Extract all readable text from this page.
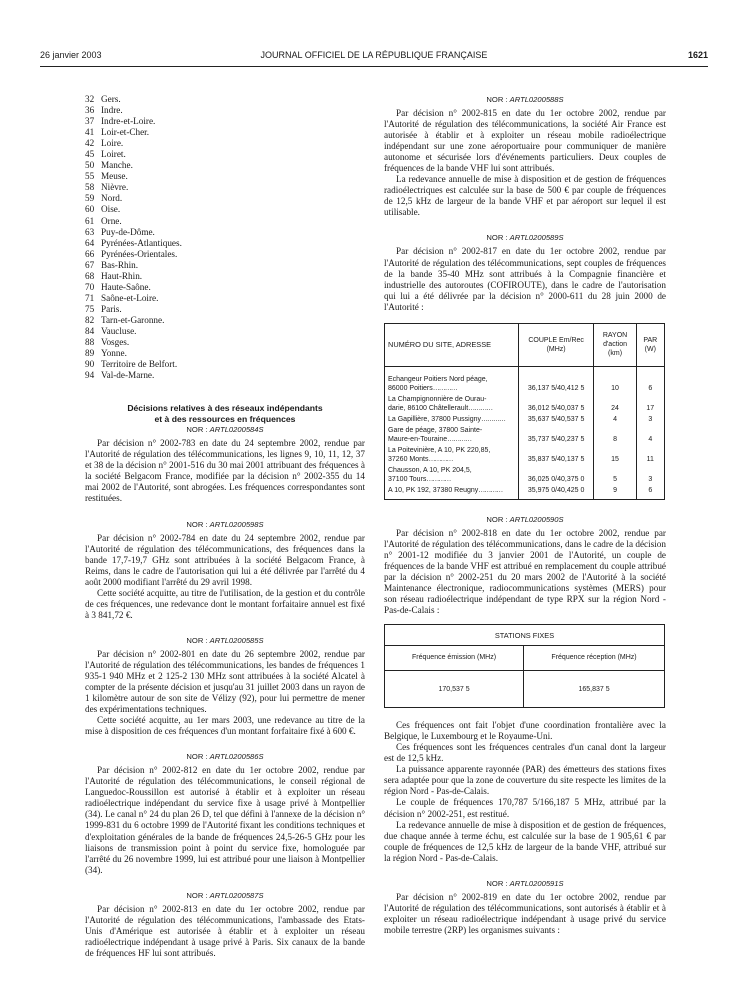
26 janvier 2003	JOURNAL OFFICIEL DE LA RÉPUBLIQUE FRANÇAISE	1621
32 Gers.
36 Indre.
37 Indre-et-Loire.
41 Loir-et-Cher.
42 Loire.
45 Loiret.
50 Manche.
55 Meuse.
58 Nièvre.
59 Nord.
60 Oise.
61 Orne.
63 Puy-de-Dôme.
64 Pyrénées-Atlantiques.
66 Pyrénées-Orientales.
67 Bas-Rhin.
68 Haut-Rhin.
70 Haute-Saône.
71 Saône-et-Loire.
75 Paris.
82 Tarn-et-Garonne.
84 Vaucluse.
88 Vosges.
89 Yonne.
90 Territoire de Belfort.
94 Val-de-Marne.
Décisions relatives à des réseaux indépendants
et à des ressources en fréquences
NOR : ARTL0200584S

Par décision n° 2002-783 en date du 24 septembre 2002, rendue par l'Autorité de régulation des télécommunications, les lignes 9, 10, 11, 12, 37 et 38 de la décision n° 2001-516 du 30 mai 2001 attribuant des fréquences à la société Belgacom France, modifiée par la décision n° 2002-355 du 14 mai 2002 de l'Autorité, sont abrogées. Les fréquences correspondantes sont restituées.

NOR : ARTL0200598S

Par décision n° 2002-784 en date du 24 septembre 2002, rendue par l'Autorité de régulation des télécommunications, des fréquences dans la bande 17,7-19,7 GHz sont attribuées à la société Belgacom France, à Reims, dans le cadre de l'autorisation qui lui a été délivrée par l'arrêté du 4 août 2000 modifiant l'arrêté du 29 avril 1998.

Cette société acquitte, au titre de l'utilisation, de la gestion et du contrôle de ces fréquences, une redevance dont le montant forfaitaire annuel est fixé à 3 841,72 €.

NOR : ARTL0200585S

Par décision n° 2002-801 en date du 26 septembre 2002, rendue par l'Autorité de régulation des télécommunications, les bandes de fréquences 1 935-1 940 MHz et 2 125-2 130 MHz sont attribuées à la société Alcatel à compter de la présente décision et jusqu'au 31 juillet 2003 dans un rayon de 1 kilomètre autour de son site de Vélizy (92), pour lui permettre de mener des expérimentations techniques.

Cette société acquitte, au 1er mars 2003, une redevance au titre de la mise à disposition de ces fréquences d'un montant forfaitaire fixé à 600 €.

NOR : ARTL0200586S

Par décision n° 2002-812 en date du 1er octobre 2002, rendue par l'Autorité de régulation des télécommunications, le conseil régional de Languedoc-Roussillon est autorisé à établir et à exploiter un réseau radioélectrique indépendant du service fixe à usage privé à Montpellier (34). Le canal n° 24 du plan 26 D, tel que défini à l'annexe de la décision n° 1999-831 du 6 octobre 1999 de l'Autorité fixant les conditions techniques et d'exploitation générales de la bande de fréquences 24,5-26-5 GHz pour les liaisons de transmission point à point du service fixe, homologuée par l'arrêté du 26 novembre 1999, lui est attribué pour une liaison à Montpellier (34).

NOR : ARTL0200587S

Par décision n° 2002-813 en date du 1er octobre 2002, rendue par l'Autorité de régulation des télécommunications, l'ambassade des Etats-Unis d'Amérique est autorisée à établir et à exploiter un réseau radioélectrique indépendant à usage privé à Paris. Six canaux de la bande de fréquences HF lui sont attribués.

NOR : ARTL0200588S

Par décision n° 2002-815 en date du 1er octobre 2002, rendue par l'Autorité de régulation des télécommunications, la société Air France est autorisée à établir et à exploiter un réseau mobile radioélectrique indépendant sur une zone aéroportuaire pour communiquer de manière autonome et sécurisée lors d'événements particuliers. Deux couples de fréquences de la bande VHF lui sont attribués.

La redevance annuelle de mise à disposition et de gestion de fréquences radioélectriques est calculée sur la base de 500 € par couple de fréquences de 12,5 kHz de largeur de la bande VHF et par aéroport sur lequel il est utilisable.

NOR : ARTL0200589S

Par décision n° 2002-817 en date du 1er octobre 2002, rendue par l'Autorité de régulation des télécommunications, sept couples de fréquences de la bande 35-40 MHz sont attribués à la Compagnie financière et industrielle des autoroutes (COFIROUTE), dans le cadre de l'autorisation qui lui a été délivrée par la décision n° 2000-611 du 28 juin 2000 de l'Autorité :

NUMÉRO DU SITE, ADRESSE	COUPLE Em/Rec (MHz)	RAYON d'action (km)	PAR (W)
Echangeur Poitiers Nord péage,
86000 Poitiers…………	36,137 5/40,412 5	10	6
La Champignonnière de Ourau-
darie, 86100 Châtellerault…………	36,012 5/40,037 5	24	17
La Gapillière, 37800 Pussigny…………	35,637 5/40,537 5	4	3
Gare de péage, 37800 Sainte-
Maure-en-Touraine…………	35,737 5/40,237 5	8	4
La Poitevinière, A 10, PK 220,85,
37260 Monts…………	35,837 5/40,137 5	15	11
Chausson, A 10, PK 204,5,
37100 Tours…………	36,025 0/40,375 0	5	3
A 10, PK 192, 37380 Reugny…………	35,975 0/40,425 0	9	6
NOR : ARTL0200590S

Par décision n° 2002-818 en date du 1er octobre 2002, rendue par l'Autorité de régulation des télécommunications, dans le cadre de la décision n° 2001-12 modifiée du 3 janvier 2001 de l'Autorité, un couple de fréquences de la bande VHF est attribué en remplacement du couple attribué par la décision n° 2002-251 du 20 mars 2002 de l'Autorité à la société Maintenance électronique, radiocommunications systèmes (MERS) pour son réseau radioélectrique indépendant de type RPX sur la région Nord - Pas-de-Calais :

STATIONS FIXES	
Fréquence émission (MHz)	Fréquence réception (MHz)
170,537 5	165,837 5

Ces fréquences ont fait l'objet d'une coordination frontalière avec la Belgique, le Luxembourg et le Royaume-Uni.

Ces fréquences sont les fréquences centrales d'un canal dont la largeur est de 12,5 kHz.

La puissance apparente rayonnée (PAR) des émetteurs des stations fixes sera adaptée pour que la zone de couverture du site respecte les limites de la région Nord - Pas-de-Calais.

Le couple de fréquences 170,787 5/166,187 5 MHz, attribué par la décision n° 2002-251, est restitué.

La redevance annuelle de mise à disposition et de gestion de fréquences, due chaque année à terme échu, est calculée sur la base de 1 905,61 € par couple de fréquences de 12,5 kHz de largeur de la bande VHF, attribué sur la région Nord - Pas-de-Calais.

NOR : ARTL0200591S

Par décision n° 2002-819 en date du 1er octobre 2002, rendue par l'Autorité de régulation des télécommunications, sont autorisés à établir et à exploiter un réseau radioélectrique indépendant à usage privé du service mobile terrestre (2RP) les organismes suivants :
